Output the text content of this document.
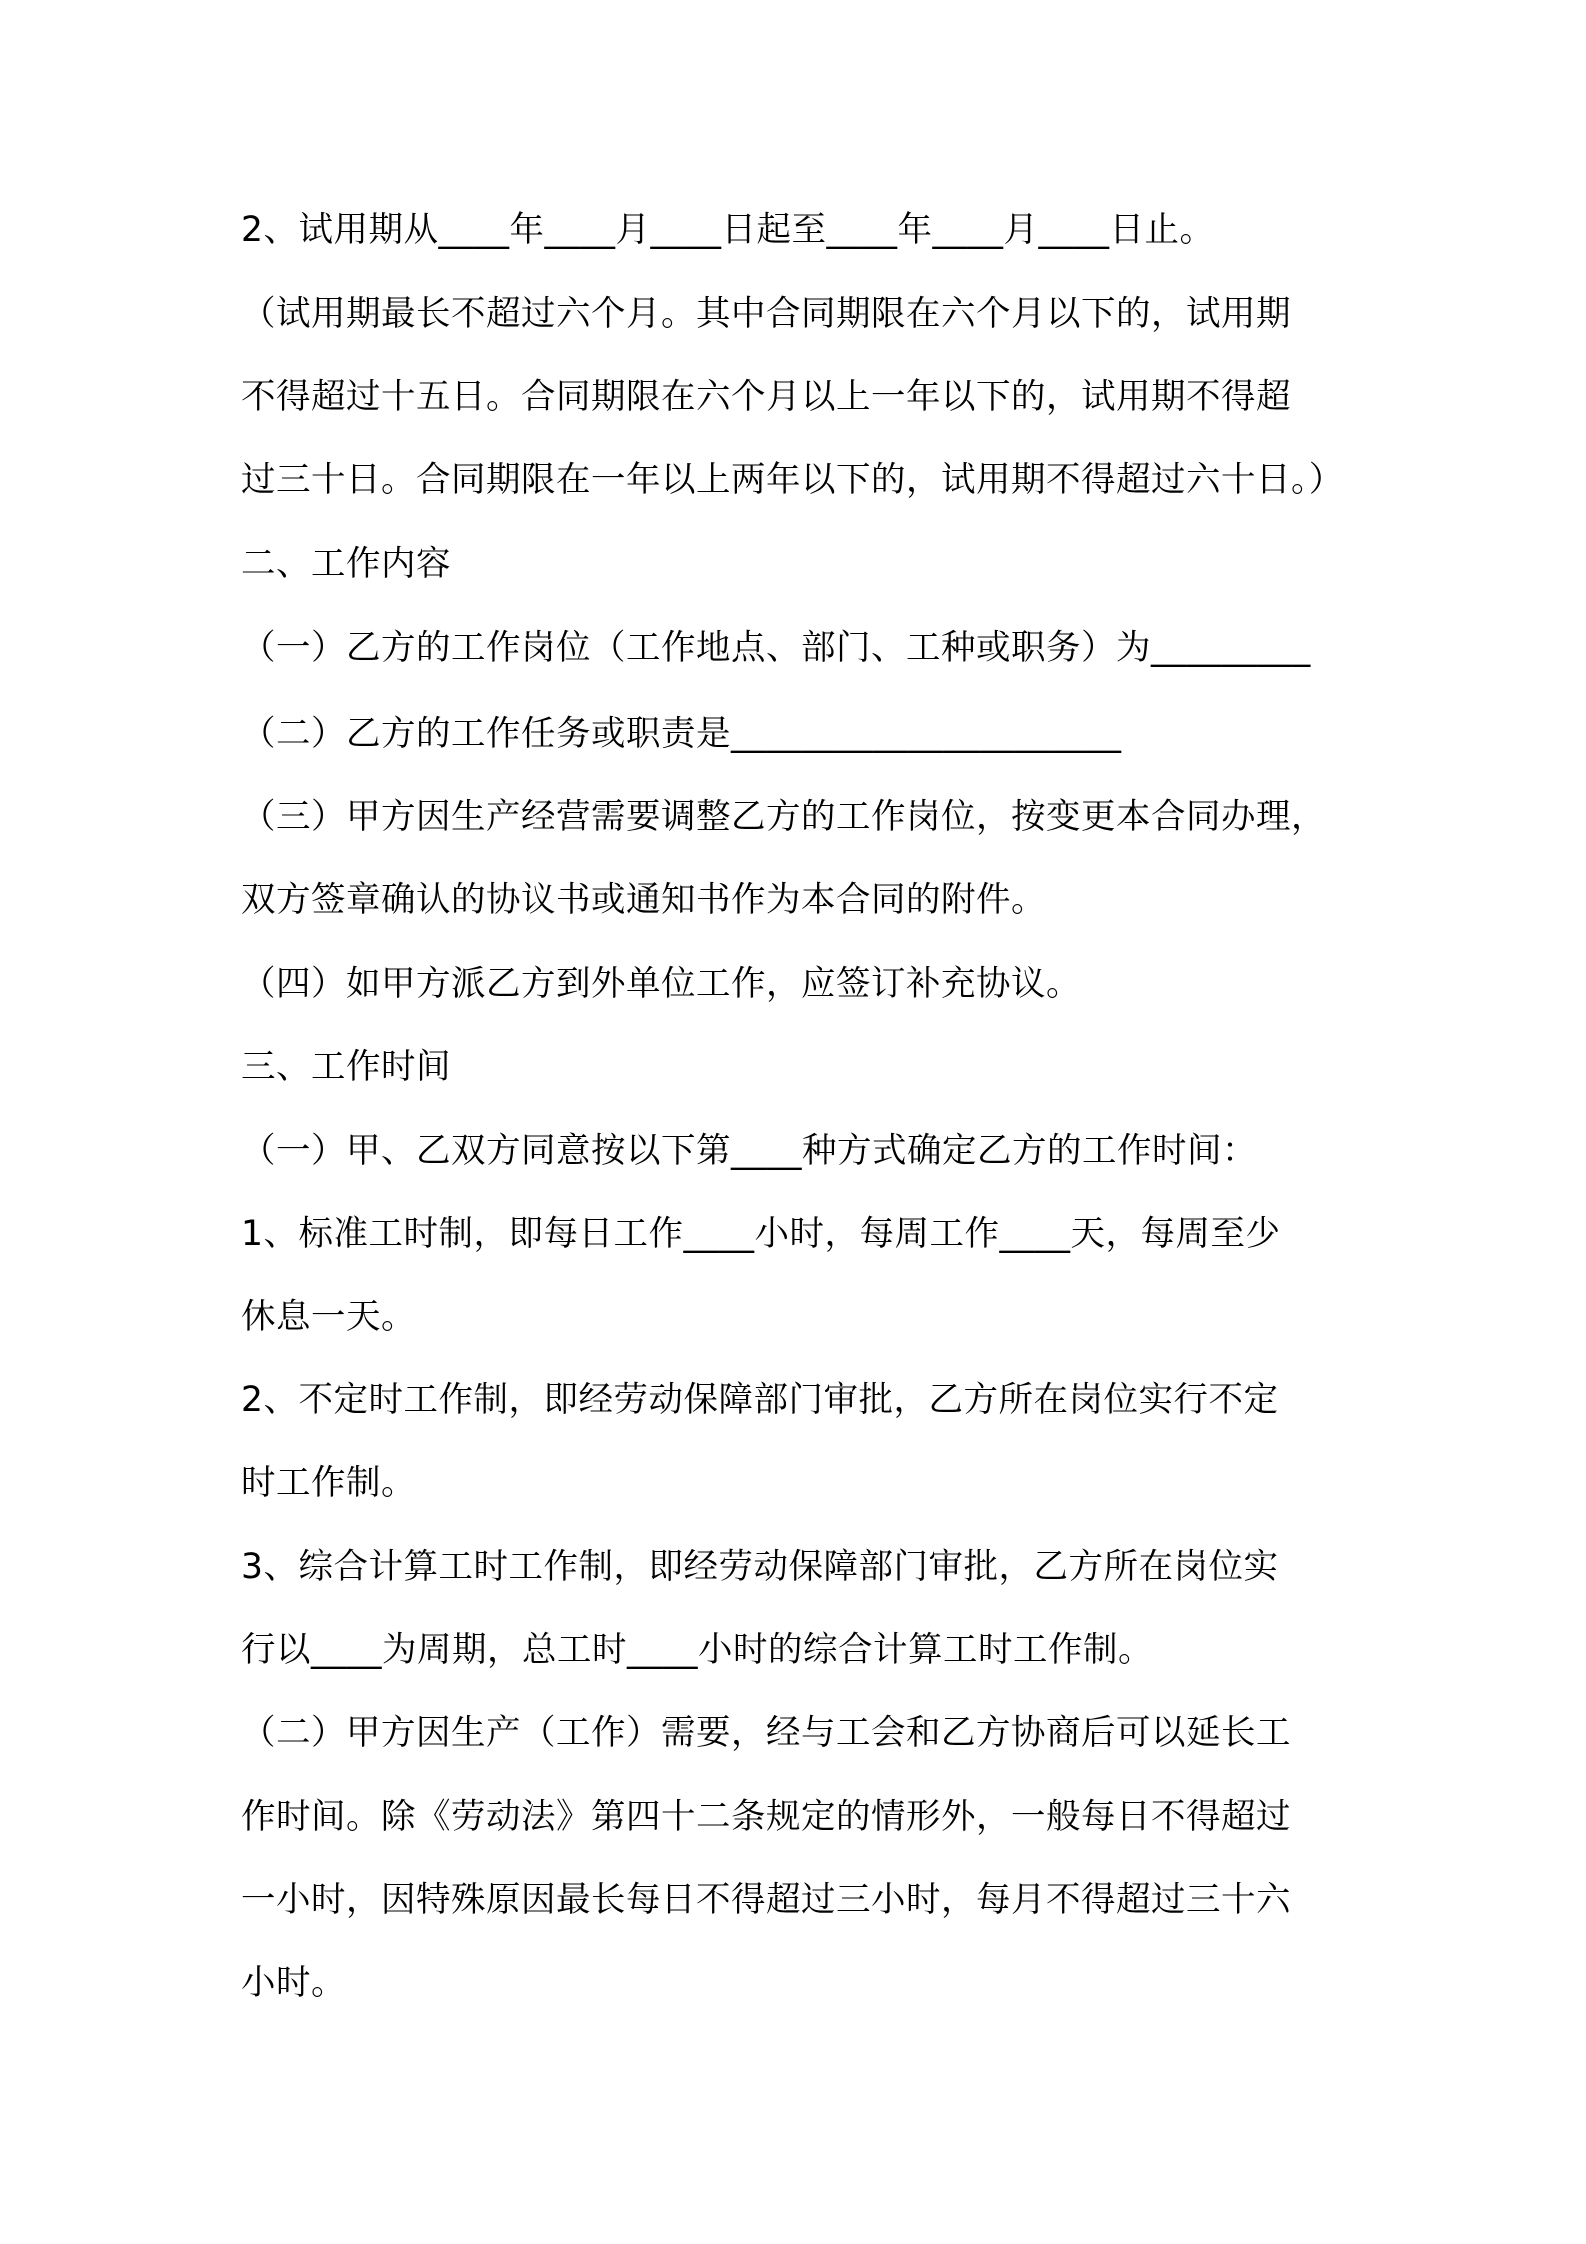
2、试用期从____年____月____日起至____年____月____日止。
（试用期最长不超过六个月。其中合同期限在六个月以下的，试用期
不得超过十五日。合同期限在六个月以上一年以下的，试用期不得超
过三十日。合同期限在一年以上两年以下的，试用期不得超过六十日。）
二、工作内容
（一）乙方的工作岗位（工作地点、部门、工种或职务）为_________
（二）乙方的工作任务或职责是______________________
（三）甲方因生产经营需要调整乙方的工作岗位，按变更本合同办理，
双方签章确认的协议书或通知书作为本合同的附件。
（四）如甲方派乙方到外单位工作，应签订补充协议。
三、工作时间
（一）甲、乙双方同意按以下第____种方式确定乙方的工作时间：
1、标准工时制，即每日工作____小时，每周工作____天，每周至少
休息一天。
2、不定时工作制，即经劳动保障部门审批，乙方所在岗位实行不定
时工作制。
3、综合计算工时工作制，即经劳动保障部门审批，乙方所在岗位实
行以____为周期，总工时____小时的综合计算工时工作制。
（二）甲方因生产（工作）需要，经与工会和乙方协商后可以延长工
作时间。除《劳动法》第四十二条规定的情形外，一般每日不得超过
一小时，因特殊原因最长每日不得超过三小时，每月不得超过三十六
小时。
